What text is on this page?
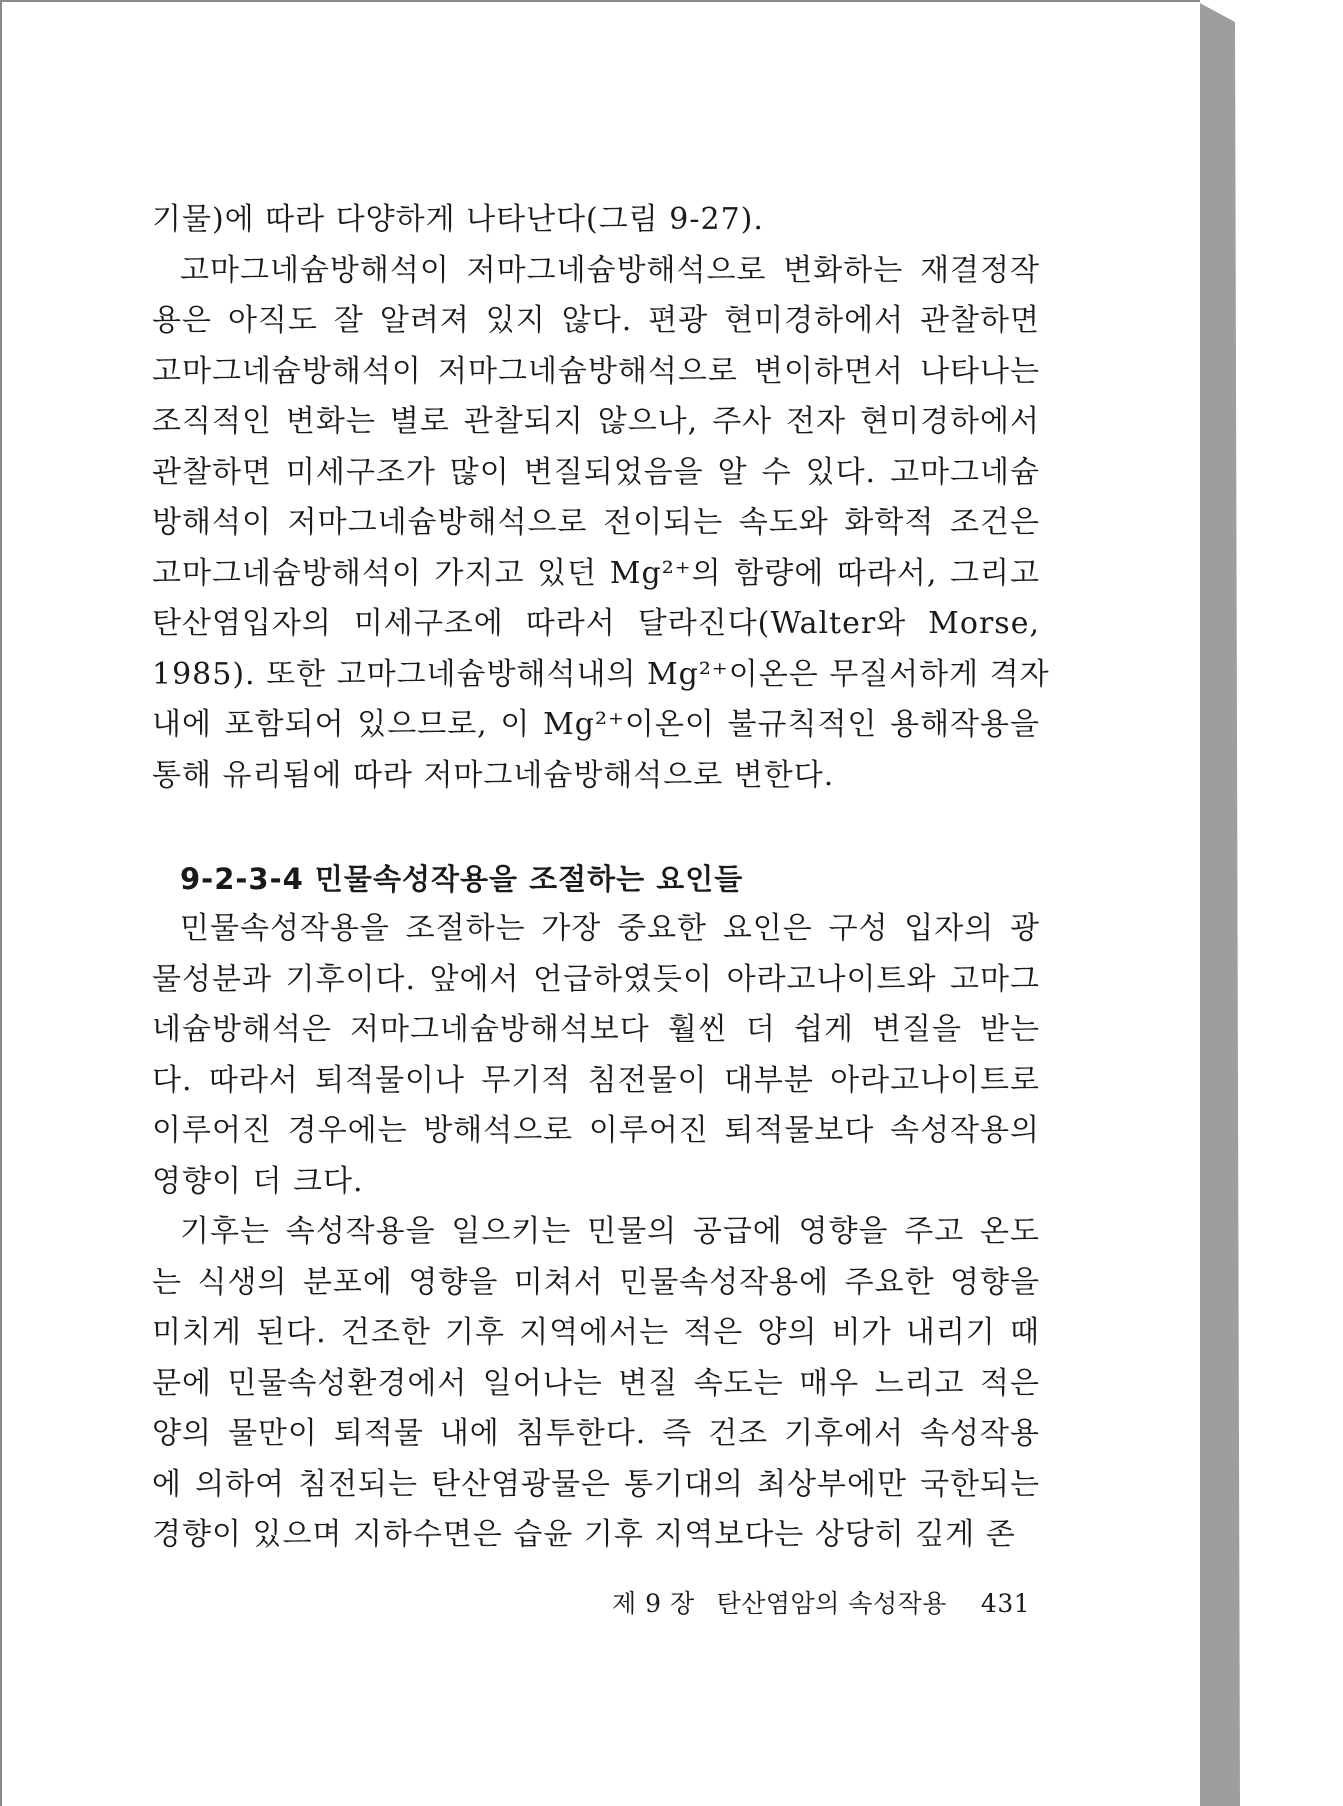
기물)에 따라 다양하게 나타난다(그림 9-27).

고마그네슘방해석이 저마그네슘방해석으로 변화하는 재결정작
용은 아직도 잘 알려져 있지 않다. 편광 현미경하에서 관찰하면
고마그네슘방해석이 저마그네슘방해석으로 변이하면서 나타나는
조직적인 변화는 별로 관찰되지 않으나, 주사 전자 현미경하에서
관찰하면 미세구조가 많이 변질되었음을 알 수 있다. 고마그네슘
방해석이 저마그네슘방해석으로 전이되는 속도와 화학적 조건은
고마그네슘방해석이 가지고 있던 Mg²⁺의 함량에 따라서, 그리고
탄산염입자의 미세구조에 따라서 달라진다(Walter와 Morse,
1985). 또한 고마그네슘방해석내의 Mg²⁺이온은 무질서하게 격자
내에 포함되어 있으므로, 이 Mg²⁺이온이 불규칙적인 용해작용을
통해 유리됨에 따라 저마그네슘방해석으로 변한다.

9-2-3-4 민물속성작용을 조절하는 요인들

민물속성작용을 조절하는 가장 중요한 요인은 구성 입자의 광
물성분과 기후이다. 앞에서 언급하였듯이 아라고나이트와 고마그
네슘방해석은 저마그네슘방해석보다 훨씬 더 쉽게 변질을 받는
다. 따라서 퇴적물이나 무기적 침전물이 대부분 아라고나이트로
이루어진 경우에는 방해석으로 이루어진 퇴적물보다 속성작용의
영향이 더 크다.

기후는 속성작용을 일으키는 민물의 공급에 영향을 주고 온도
는 식생의 분포에 영향을 미쳐서 민물속성작용에 주요한 영향을
미치게 된다. 건조한 기후 지역에서는 적은 양의 비가 내리기 때
문에 민물속성환경에서 일어나는 변질 속도는 매우 느리고 적은
양의 물만이 퇴적물 내에 침투한다. 즉 건조 기후에서 속성작용
에 의하여 침전되는 탄산염광물은 통기대의 최상부에만 국한되는
경향이 있으며 지하수면은 습윤 기후 지역보다는 상당히 깊게 존

제 9 장 탄산염암의 속성작용 431
